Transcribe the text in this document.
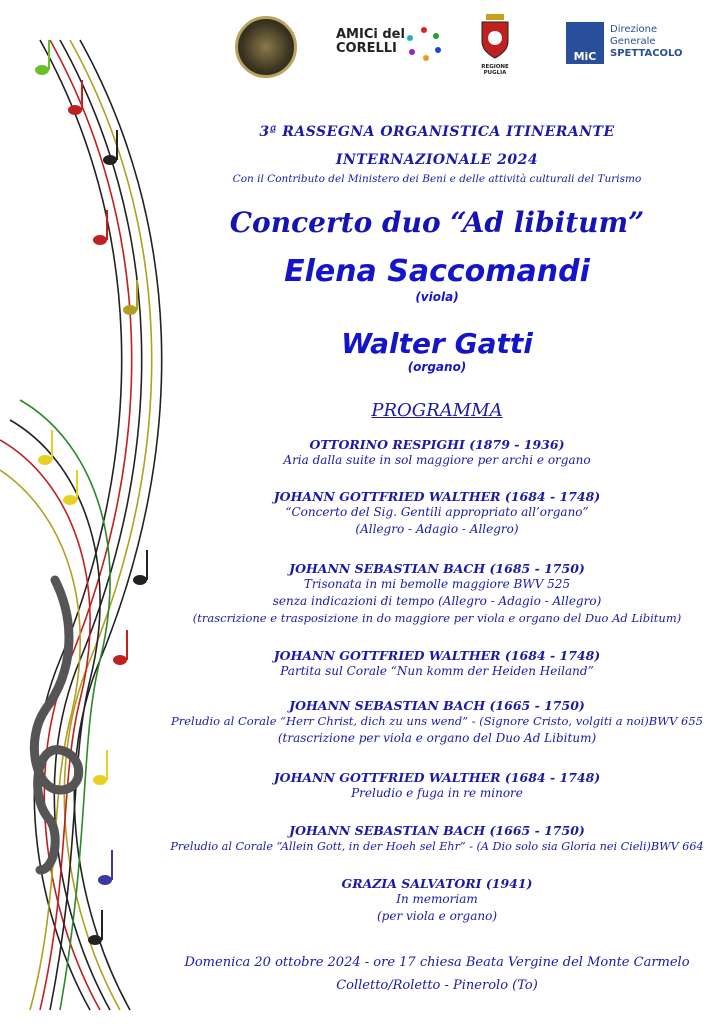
AMICi del
CORELLI
REGIONE PUGLIA
MiC
Direzione
Generale
SPETTACOLO
3ª RASSEGNA ORGANISTICA ITINERANTE
INTERNAZIONALE 2024
Con il Contributo del Ministero dei Beni e delle attività culturali del Turismo
Concerto duo “Ad libitum”
Elena Saccomandi
(viola)
Walter Gatti
(organo)
PROGRAMMA
OTTORINO RESPIGHI (1879 - 1936)
Aria dalla suite in sol maggiore per archi e organo
JOHANN GOTTFRIED WALTHER (1684 - 1748)
“Concerto del Sig. Gentili appropriato all’organo”
(Allegro - Adagio - Allegro)
JOHANN SEBASTIAN BACH (1685 - 1750)
Trisonata in mi bemolle maggiore BWV 525
senza indicazioni di tempo (Allegro - Adagio - Allegro)
(trascrizione e trasposizione in do maggiore per viola e organo del Duo Ad Libitum)
JOHANN GOTTFRIED WALTHER (1684 - 1748)
Partita sul Corale “Nun komm der Heiden Heiland”
JOHANN SEBASTIAN BACH (1665 - 1750)
Preludio al Corale “Herr Christ, dich zu uns wend” - (Signore Cristo, volgiti a noi)BWV 655
(trascrizione per viola e organo del Duo Ad Libitum)
JOHANN GOTTFRIED WALTHER (1684 - 1748)
Preludio e fuga in re minore
JOHANN SEBASTIAN BACH (1665 - 1750)
Preludio al Corale “Allein Gott, in der Hoeh sel Ehr” - (A Dio solo sia Gloria nei Cieli)BWV 664
GRAZIA SALVATORI (1941)
In memoriam
(per viola e organo)
Domenica 20 ottobre 2024 - ore 17 chiesa Beata Vergine del Monte Carmelo
Colletto/Roletto - Pinerolo (To)
